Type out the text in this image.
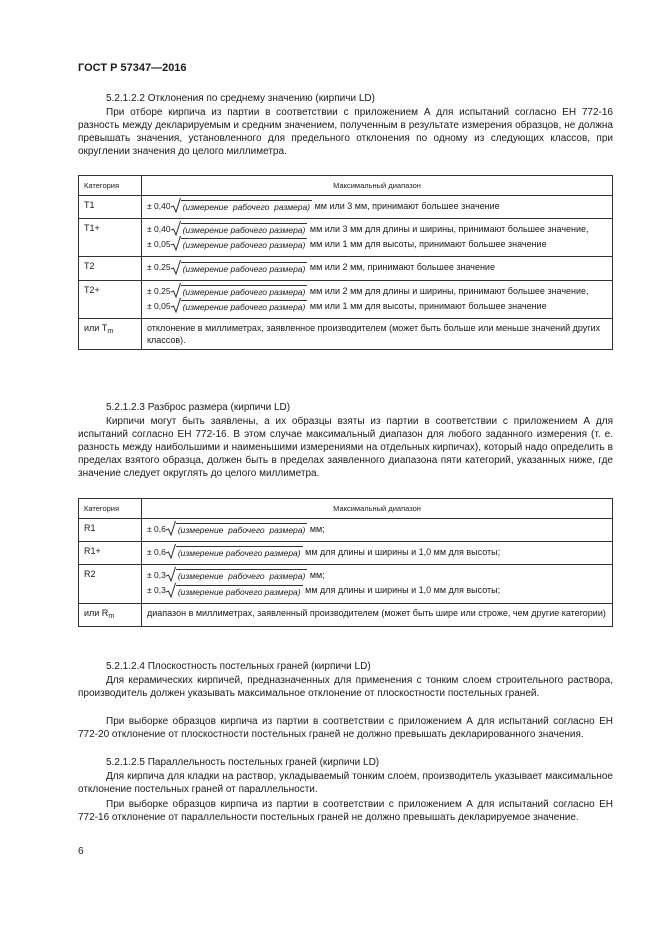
ГОСТ Р 57347—2016
5.2.1.2.2 Отклонения по среднему значению (кирпичи LD)
При отборе кирпича из партии в соответствии с приложением А для испытаний согласно ЕН 772-16 разность между декларируемым и средним значением, полученным в результате измерения образцов, не должна превышать значения, установленного для предельного отклонения по одному из следующих классов, при округлении значения до целого миллиметра.
Категория	Максимальный диапазон
T1	± 0,40 (измерение  рабочего  размера) мм или 3 мм, принимают большее значение

T1+	± 0,40 (измерение рабочего размера) мм или 3 мм для длины и ширины, принимают большее значение,
± 0,05 (измерение рабочего размера) мм или 1 мм для высоты, принимают большее значение

T2	± 0,25 (измерение рабочего размера) мм или 2 мм, принимают большее значение

T2+	± 0,25 (измерение рабочего размера) мм или 2 мм для длины и ширины, принимают большее значение,
± 0,05 (измерение рабочего размера) мм или 1 мм для высоты, принимают большее значение

или $T_m$	отклонение в миллиметрах, заявленное производителем (может быть больше или меньше значений других классов).
5.2.1.2.3 Разброс размера (кирпичи LD)
Кирпичи могут быть заявлены, а их образцы взяты из партии в соответствии с приложением А для испытаний согласно ЕН 772-16. В этом случае максимальный диапазон для любого заданного измерения (т. е. разность между наибольшими и наименьшими измерениями на отдельных кирпичах), который надо определить в пределах взятого образца, должен быть в пределах заявленного диапазона пяти категорий, указанных ниже, где значение следует округлять до целого миллиметра.
Категория	Максимальный диапазон
R1	± 0,6 (измерение  рабочего  размера) мм;

R1+	± 0,6 (измерение рабочего размера) мм для длины и ширины и 1,0 мм для высоты;

R2	± 0,3 (измерение  рабочего  размера) мм;
± 0,3 (измерение рабочего размера) мм для длины и ширины и 1,0 мм для высоты;

или $R_m$	диапазон в миллиметрах, заявленный производителем (может быть шире или строже, чем другие категории)
5.2.1.2.4 Плоскостность постельных граней (кирпичи LD)
Для керамических кирпичей, предназначенных для применения с тонким слоем строительного раствора, производитель должен указывать максимальное отклонение от плоскостности постельных граней.
При выборке образцов кирпича из партии в соответствии с приложением А для испытаний согласно ЕН 772-20 отклонение от плоскостности постельных граней не должно превышать декларированного значения.
5.2.1.2.5 Параллельность постельных граней (кирпичи LD)
Для кирпича для кладки на раствор, укладываемый тонким слоем, производитель указывает максимальное отклонение постельных граней от параллельности.
При выборке образцов кирпича из партии в соответствии с приложением А для испытаний согласно ЕН 772-16 отклонение от параллельности постельных граней не должно превышать декларируемое значение.
6
